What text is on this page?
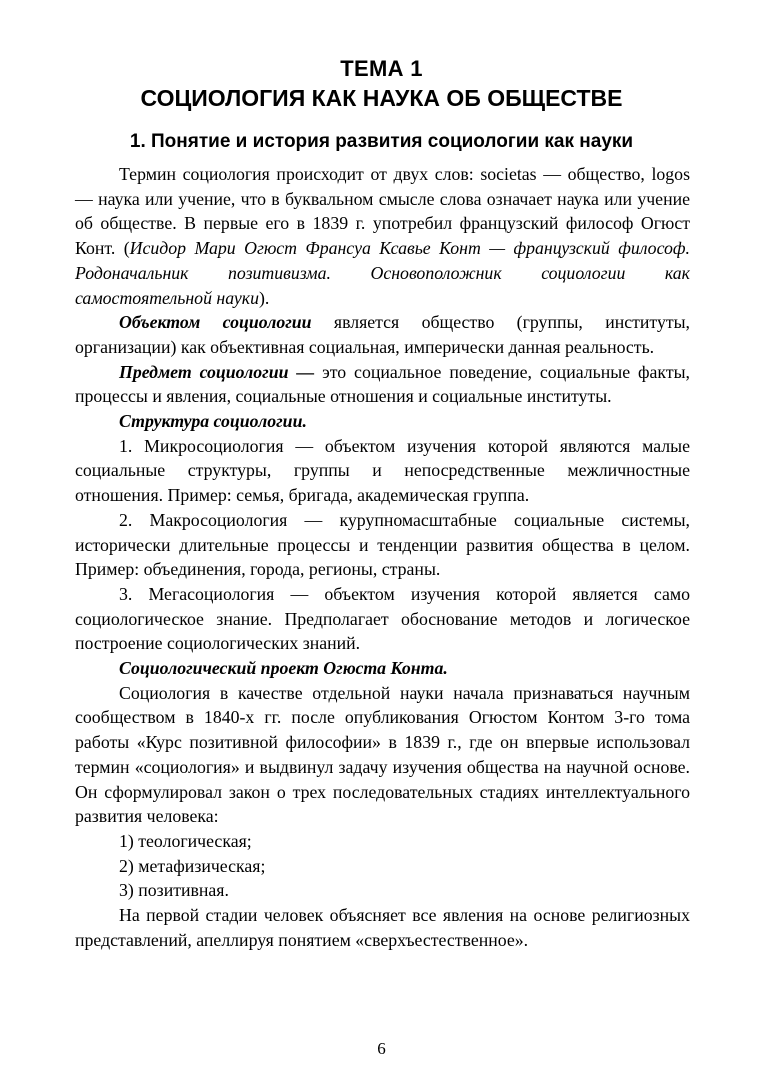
ТЕМА 1
СОЦИОЛОГИЯ КАК НАУКА ОБ ОБЩЕСТВЕ
1. Понятие и история развития социологии как науки

Термин социология происходит от двух слов: societas — общество, logos — наука или учение, что в буквальном смысле слова означает наука или учение об обществе. В первые его в 1839 г. употребил французский философ Огюст Конт. (Исидор Мари Огюст Франсуа Ксавье Конт — французский философ. Родоначальник позитивизма. Основоположник социологии как самостоятельной науки).

Объектом социологии является общество (группы, институты, организации) как объективная социальная, имперически данная реальность.

Предмет социологии — это социальное поведение, социальные факты, процессы и явления, социальные отношения и социальные институты.

Структура социологии.

1. Микросоциология — объектом изучения которой являются малые социальные структуры, группы и непосредственные межличностные отношения. Пример: семья, бригада, академическая группа.

2. Макросоциология — курупномасштабные социальные системы, исторически длительные процессы и тенденции развития общества в целом. Пример: объединения, города, регионы, страны.

3. Мегасоциология — объектом изучения которой является само социологическое знание. Предполагает обоснование методов и логическое построение социологических знаний.

Социологический проект Огюста Конта.

Социология в качестве отдельной науки начала признаваться научным сообществом в 1840-х гг. после опубликования Огюстом Контом 3-го тома работы «Курс позитивной философии» в 1839 г., где он впервые использовал термин «социология» и выдвинул задачу изучения общества на научной основе. Он сформулировал закон о трех последовательных стадиях интеллектуального развития человека:

1) теологическая;

2) метафизическая;

3) позитивная.

На первой стадии человек объясняет все явления на основе религиозных представлений, апеллируя понятием «сверхъестественное».

6
